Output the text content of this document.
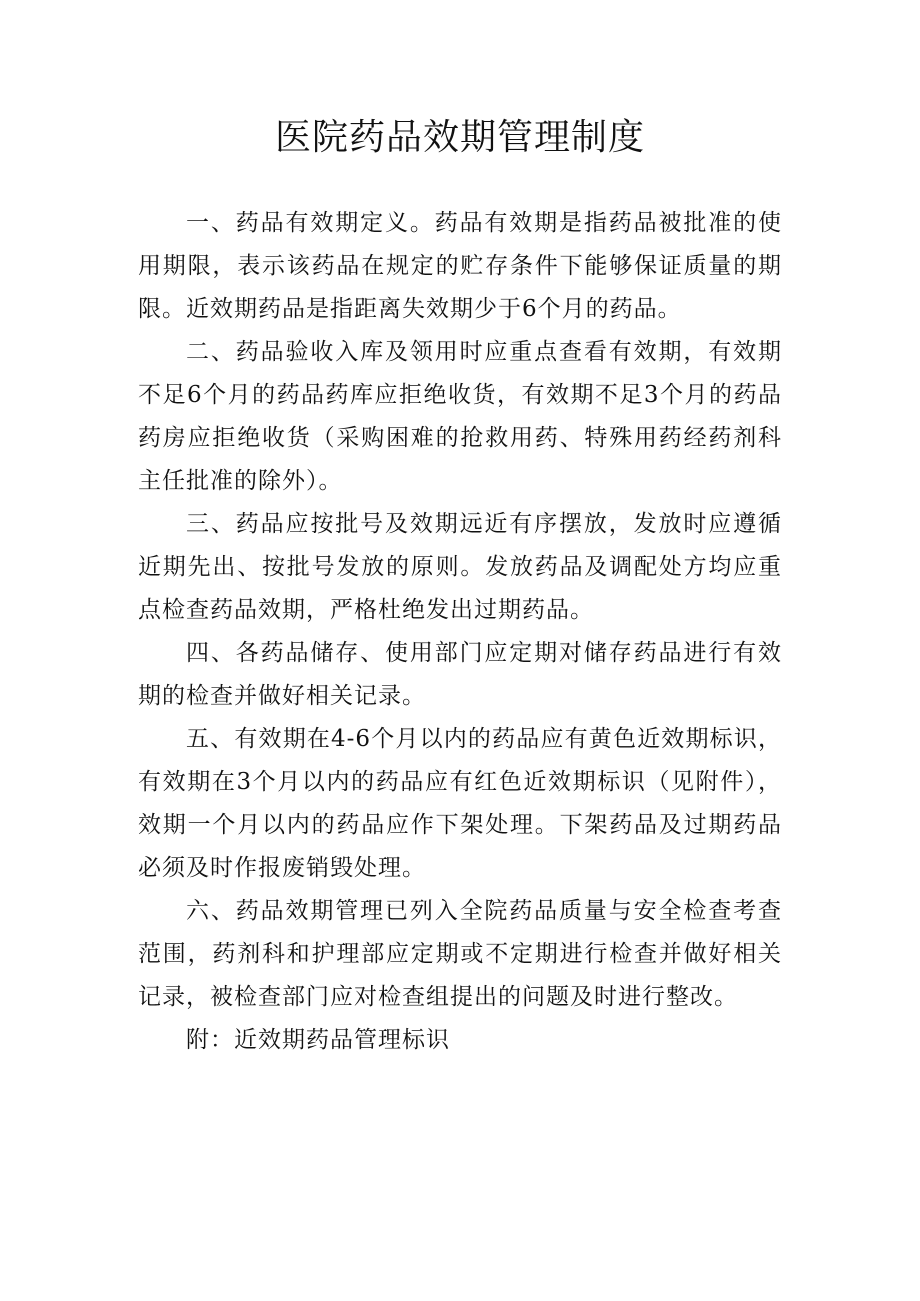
医院药品效期管理制度

一、药品有效期定义。药品有效期是指药品被批准的使用期限，表示该药品在规定的贮存条件下能够保证质量的期限。近效期药品是指距离失效期少于6个月的药品。

二、药品验收入库及领用时应重点查看有效期，有效期不足6个月的药品药库应拒绝收货，有效期不足3个月的药品药房应拒绝收货（采购困难的抢救用药、特殊用药经药剂科主任批准的除外）。

三、药品应按批号及效期远近有序摆放，发放时应遵循近期先出、按批号发放的原则。发放药品及调配处方均应重点检查药品效期，严格杜绝发出过期药品。

四、各药品储存、使用部门应定期对储存药品进行有效期的检查并做好相关记录。

五、有效期在4-6个月以内的药品应有黄色近效期标识，有效期在3个月以内的药品应有红色近效期标识（见附件），效期一个月以内的药品应作下架处理。下架药品及过期药品必须及时作报废销毁处理。

六、药品效期管理已列入全院药品质量与安全检查考查范围，药剂科和护理部应定期或不定期进行检查并做好相关记录，被检查部门应对检查组提出的问题及时进行整改。

附：近效期药品管理标识
